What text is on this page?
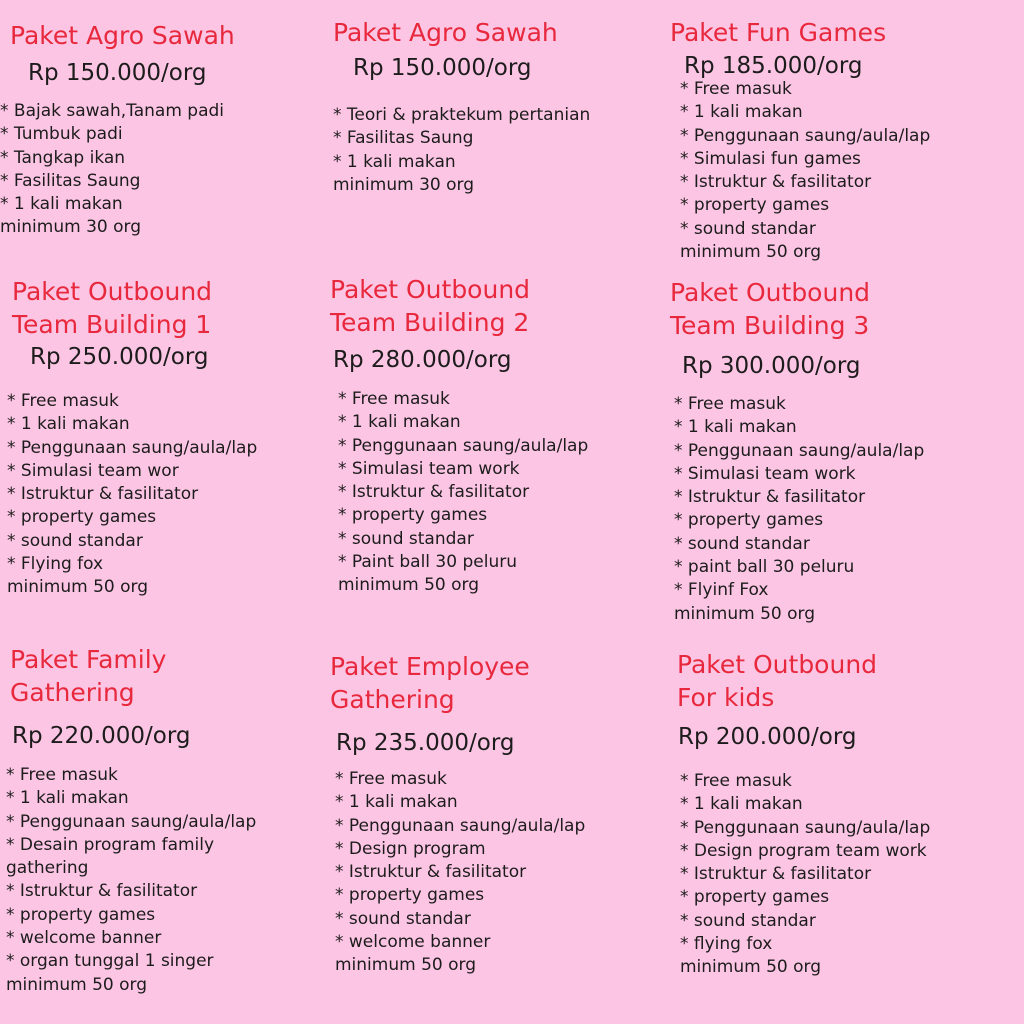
Paket Agro Sawah

Rp 150.000/org

* Bajak sawah,Tanam padi
* Tumbuk padi
* Tangkap ikan
* Fasilitas Saung
* 1 kali makan

minimum 30 org

Paket Agro Sawah

Rp 150.000/org

* Teori & praktekum pertanian
* Fasilitas Saung
* 1 kali makan

minimum 30 org

Paket Fun Games

Rp 185.000/org

* Free masuk
* 1 kali makan
* Penggunaan saung/aula/lap
* Simulasi fun games
* Istruktur & fasilitator
* property games
* sound standar

minimum 50 org

Paket Outbound
Team Building 1

Rp 250.000/org

* Free masuk
* 1 kali makan
* Penggunaan saung/aula/lap
* Simulasi team wor
* Istruktur & fasilitator
* property games
* sound standar
* Flying fox

minimum 50 org

Paket Outbound
Team Building 2

Rp 280.000/org

* Free masuk
* 1 kali makan
* Penggunaan saung/aula/lap
* Simulasi team work
* Istruktur & fasilitator
* property games
* sound standar
* Paint ball 30 peluru

minimum 50 org

Paket Outbound
Team Building 3

Rp 300.000/org

* Free masuk
* 1 kali makan
* Penggunaan saung/aula/lap
* Simulasi team work
* Istruktur & fasilitator
* property games
* sound standar
* paint ball 30 peluru
* Flyinf Fox

minimum 50 org

Paket Family
Gathering

Rp 220.000/org

* Free masuk
* 1 kali makan
* Penggunaan saung/aula/lap
* Desain program family
gathering
* Istruktur & fasilitator
* property games
* welcome banner
* organ tunggal 1 singer

minimum 50 org

Paket Employee
Gathering

Rp 235.000/org

* Free masuk
* 1 kali makan
* Penggunaan saung/aula/lap
* Design program
* Istruktur & fasilitator
* property games
* sound standar
* welcome banner

minimum 50 org

Paket Outbound
For kids

Rp 200.000/org

* Free masuk
* 1 kali makan
* Penggunaan saung/aula/lap
* Design program team work
* Istruktur & fasilitator
* property games
* sound standar
* flying fox

minimum 50 org
